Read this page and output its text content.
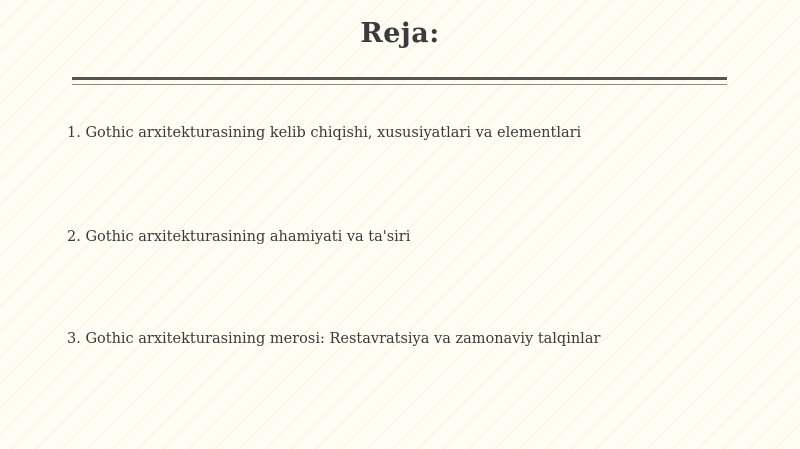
Reja:
1. Gothic arxitekturasining kelib chiqishi, xususiyatlari va elementlari
2. Gothic arxitekturasining ahamiyati va ta'siri
3. Gothic arxitekturasining merosi: Restavratsiya va zamonaviy talqinlar
